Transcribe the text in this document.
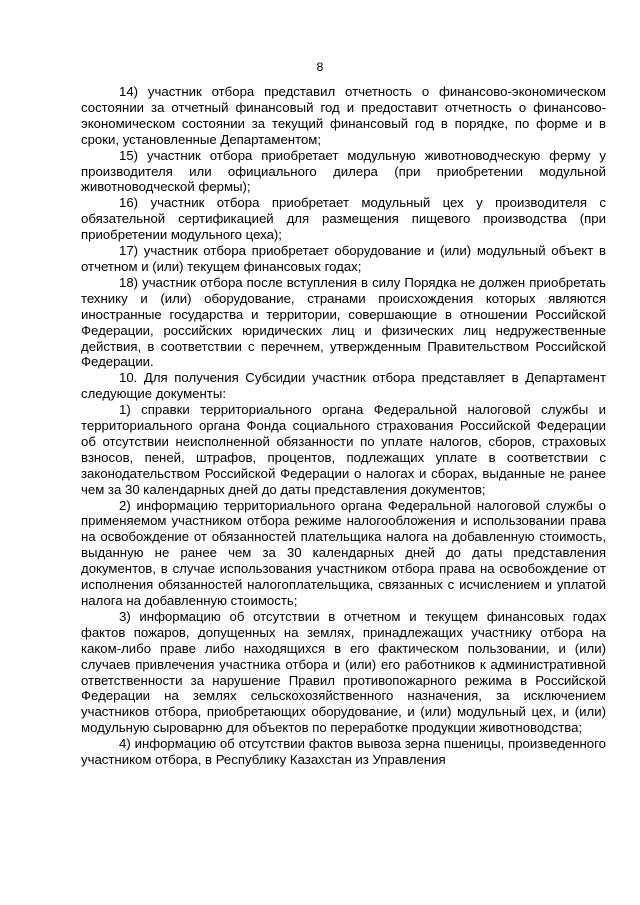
8

14) участник отбора представил отчетность о финансово-экономическом состоянии за отчетный финансовый год и предоставит отчетность о финансово-экономическом состоянии за текущий финансовый год в порядке, по форме и в сроки, установленные Департаментом;

15) участник отбора приобретает модульную животноводческую ферму у производителя или официального дилера (при приобретении модульной животноводческой фермы);

16) участник отбора приобретает модульный цех у производителя с обязательной сертификацией для размещения пищевого производства (при приобретении модульного цеха);

17) участник отбора приобретает оборудование и (или) модульный объект в отчетном и (или) текущем финансовых годах;

18) участник отбора после вступления в силу Порядка не должен приобретать технику и (или) оборудование, странами происхождения которых являются иностранные государства и территории, совершающие в отношении Российской Федерации, российских юридических лиц и физических лиц недружественные действия, в соответствии с перечнем, утвержденным Правительством Российской Федерации.

10. Для получения Субсидии участник отбора представляет в Департамент следующие документы:

1) справки территориального органа Федеральной налоговой службы и территориального органа Фонда социального страхования Российской Федерации об отсутствии неисполненной обязанности по уплате налогов, сборов, страховых взносов, пеней, штрафов, процентов, подлежащих уплате в соответствии с законодательством Российской Федерации о налогах и сборах, выданные не ранее чем за 30 календарных дней до даты представления документов;

2) информацию территориального органа Федеральной налоговой службы о применяемом участником отбора режиме налогообложения и использовании права на освобождение от обязанностей плательщика налога на добавленную стоимость, выданную не ранее чем за 30 календарных дней до даты представления документов, в случае использования участником отбора права на освобождение от исполнения обязанностей налогоплательщика, связанных с исчислением и уплатой налога на добавленную стоимость;

3) информацию об отсутствии в отчетном и текущем финансовых годах фактов пожаров, допущенных на землях, принадлежащих участнику отбора на каком-либо праве либо находящихся в его фактическом пользовании, и (или) случаев привлечения участника отбора и (или) его работников к административной ответственности за нарушение Правил противопожарного режима в Российской Федерации на землях сельскохозяйственного назначения, за исключением участников отбора, приобретающих оборудование, и (или) модульный цех, и (или) модульную сыроварню для объектов по переработке продукции животноводства;

4) информацию об отсутствии фактов вывоза зерна пшеницы, произведенного участником отбора, в Республику Казахстан из Управления
